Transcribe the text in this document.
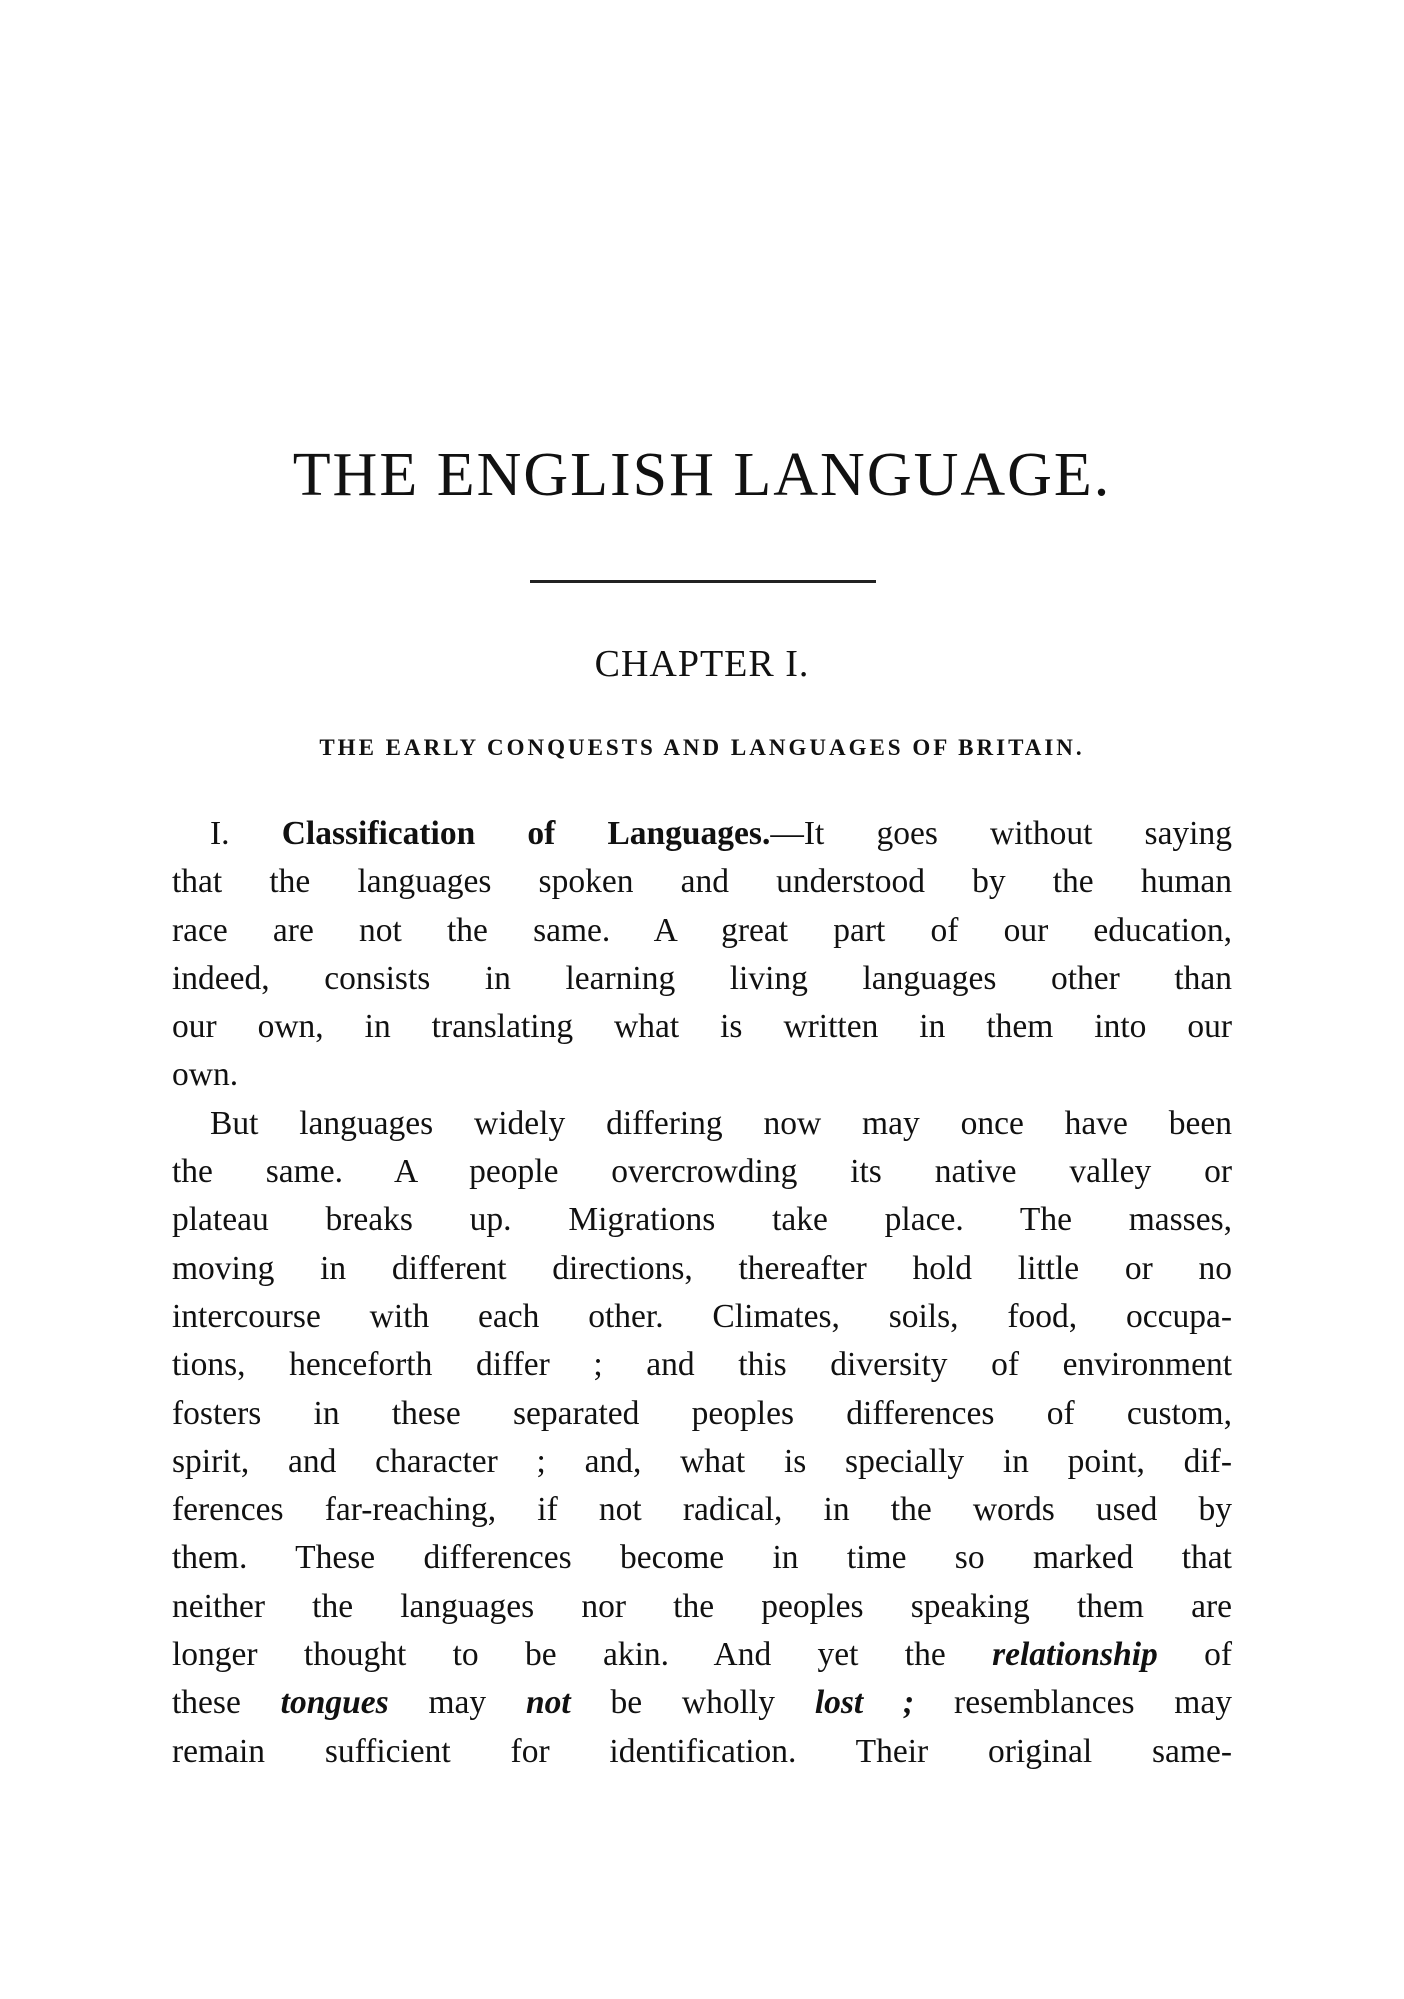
THE ENGLISH LANGUAGE.
CHAPTER I.
THE EARLY CONQUESTS AND LANGUAGES OF BRITAIN.
I. Classification of Languages.—It goes without saying
that the languages spoken and understood by the human
race are not the same. A great part of our education,
indeed, consists in learning living languages other than
our own, in translating what is written in them into our
own.
But languages widely differing now may once have been
the same. A people overcrowding its native valley or
plateau breaks up. Migrations take place. The masses,
moving in different directions, thereafter hold little or no
intercourse with each other. Climates, soils, food, occupa-
tions, henceforth differ ; and this diversity of environment
fosters in these separated peoples differences of custom,
spirit, and character ; and, what is specially in point, dif-
ferences far-reaching, if not radical, in the words used by
them. These differences become in time so marked that
neither the languages nor the peoples speaking them are
longer thought to be akin. And yet the relationship of
these tongues may not be wholly lost ; resemblances may
remain sufficient for identification. Their original same-
